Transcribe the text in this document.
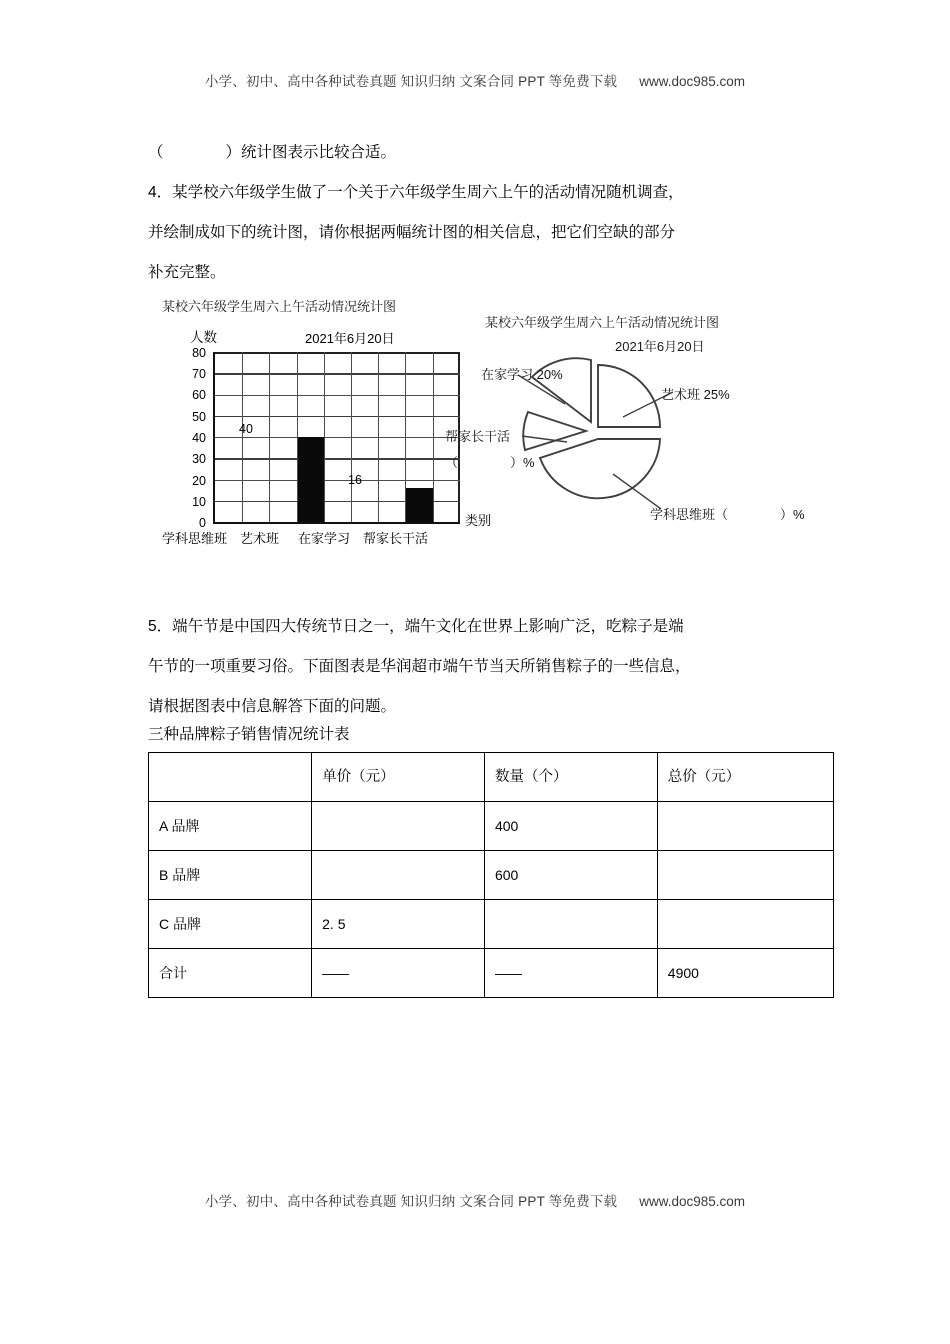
小学、初中、高中各种试卷真题 知识归纳 文案合同 PPT 等免费下载 www.doc985.com
（　　　　）统计图表示比较合适。
4．某学校六年级学生做了一个关于六年级学生周六上午的活动情况随机调查，
并绘制成如下的统计图，请你根据两幅统计图的相关信息，把它们空缺的部分
补充完整。
某校六年级学生周六上午活动情况统计图
人数	2021年6月20日
80
70
60
50
40
30
20
10
0
40
16
学科思维班 艺术班 在家学习 帮家长干活
类别
某校六年级学生周六上午活动情况统计图
2021年6月20日
在家学习 20%
艺术班 25%
帮家长干活
（　　　　）%
学科思维班（　　　　）%
5．端午节是中国四大传统节日之一，端午文化在世界上影响广泛，吃粽子是端
午节的一项重要习俗。下面图表是华润超市端午节当天所销售粽子的一些信息，
请根据图表中信息解答下面的问题。
三种品牌粽子销售情况统计表
	单价（元）	数量（个）	总价（元）
A 品牌		400	
B 品牌		600	
C 品牌	2. 5		
合计	——	——	4900
小学、初中、高中各种试卷真题 知识归纳 文案合同 PPT 等免费下载 www.doc985.com
